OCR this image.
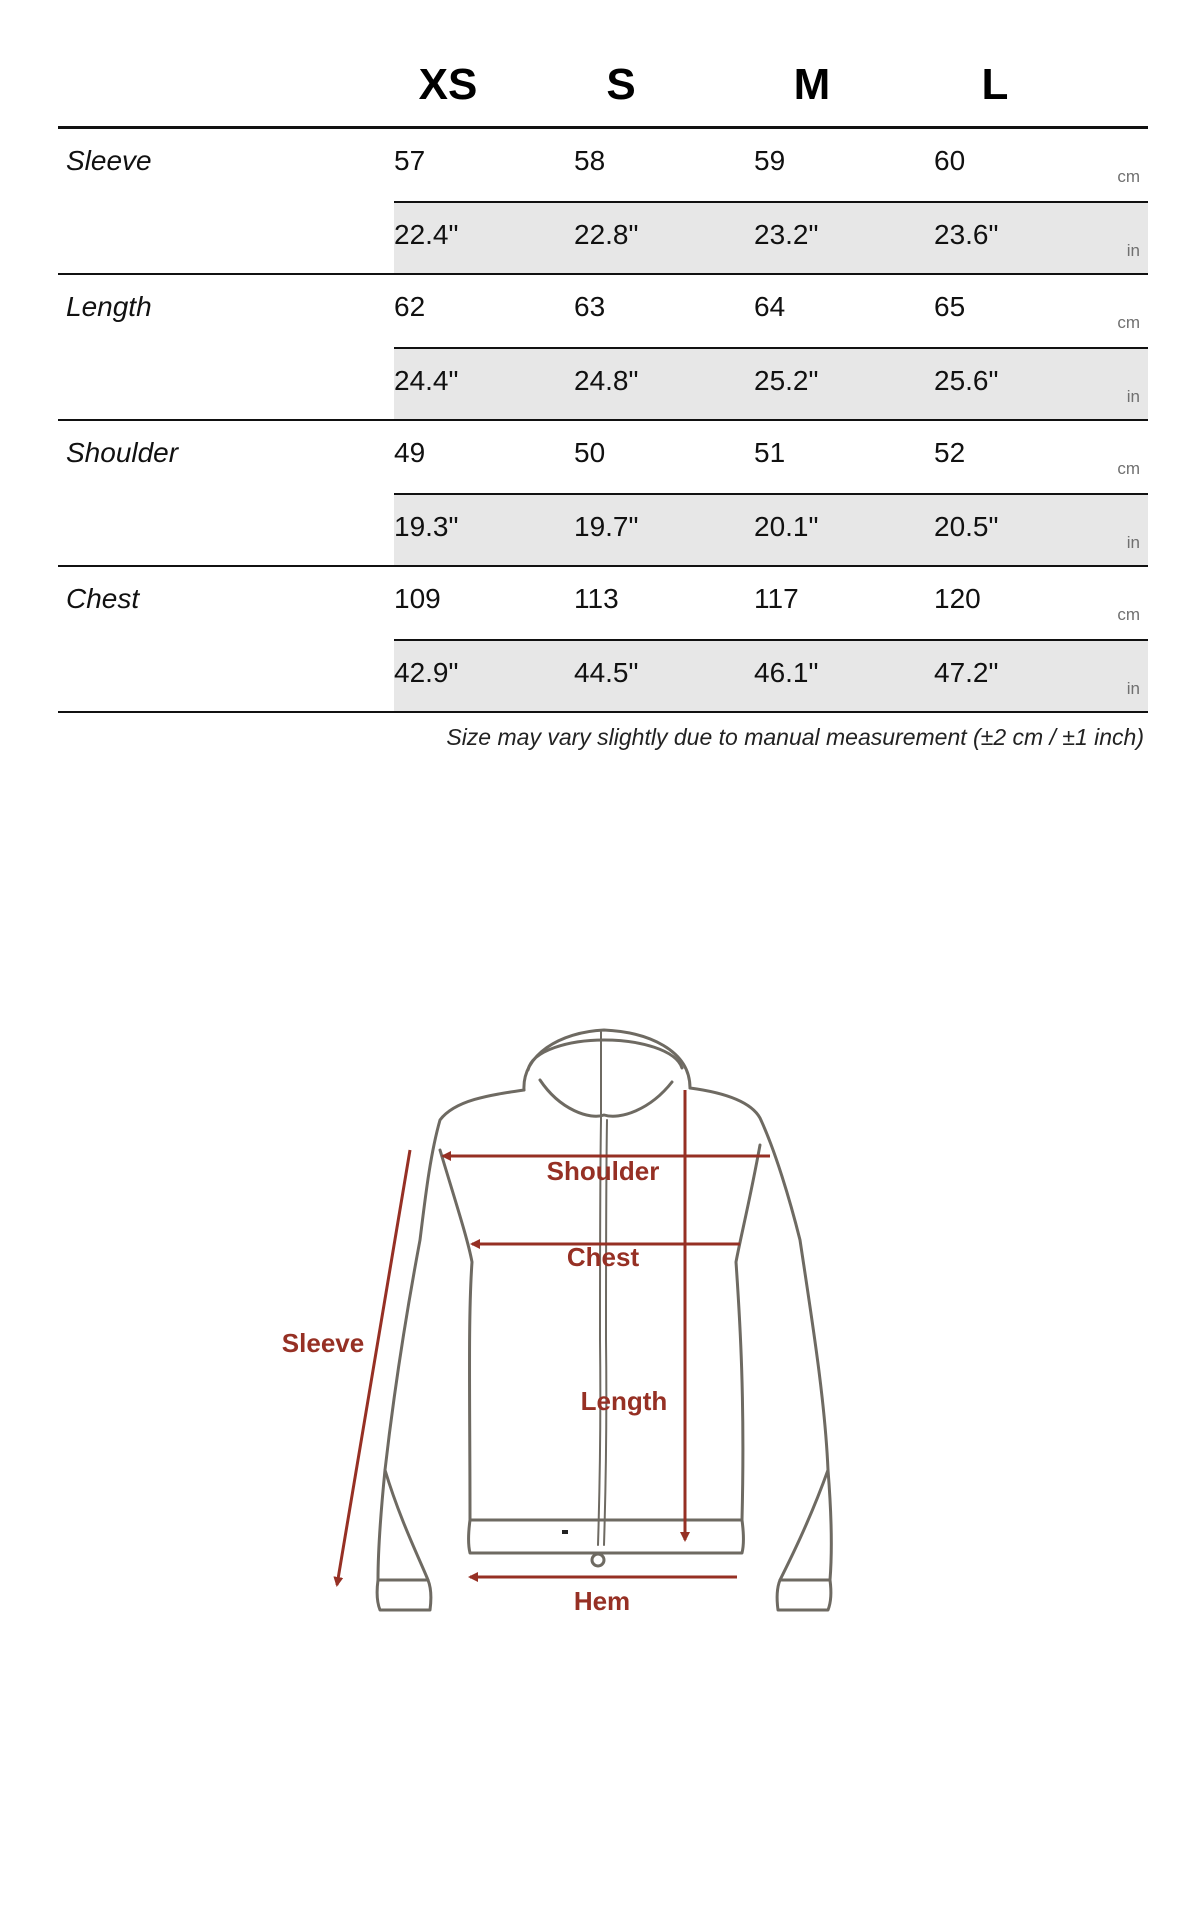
XS	S	M	L
Sleeve	57	58	59	60
cm
22.4"	22.8"	23.2"	23.6"
in
Length	62	63	64	65
cm
24.4"	24.8"	25.2"	25.6"
in
Shoulder	49	50	51	52
cm
19.3"	19.7"	20.1"	20.5"
in
Chest	109	113	117	120
cm
42.9"	44.5"	46.1"	47.2"
in
Size may vary slightly due to manual measurement (±2 cm / ±1 inch)
Shoulder
Chest
Sleeve
Length
Hem
